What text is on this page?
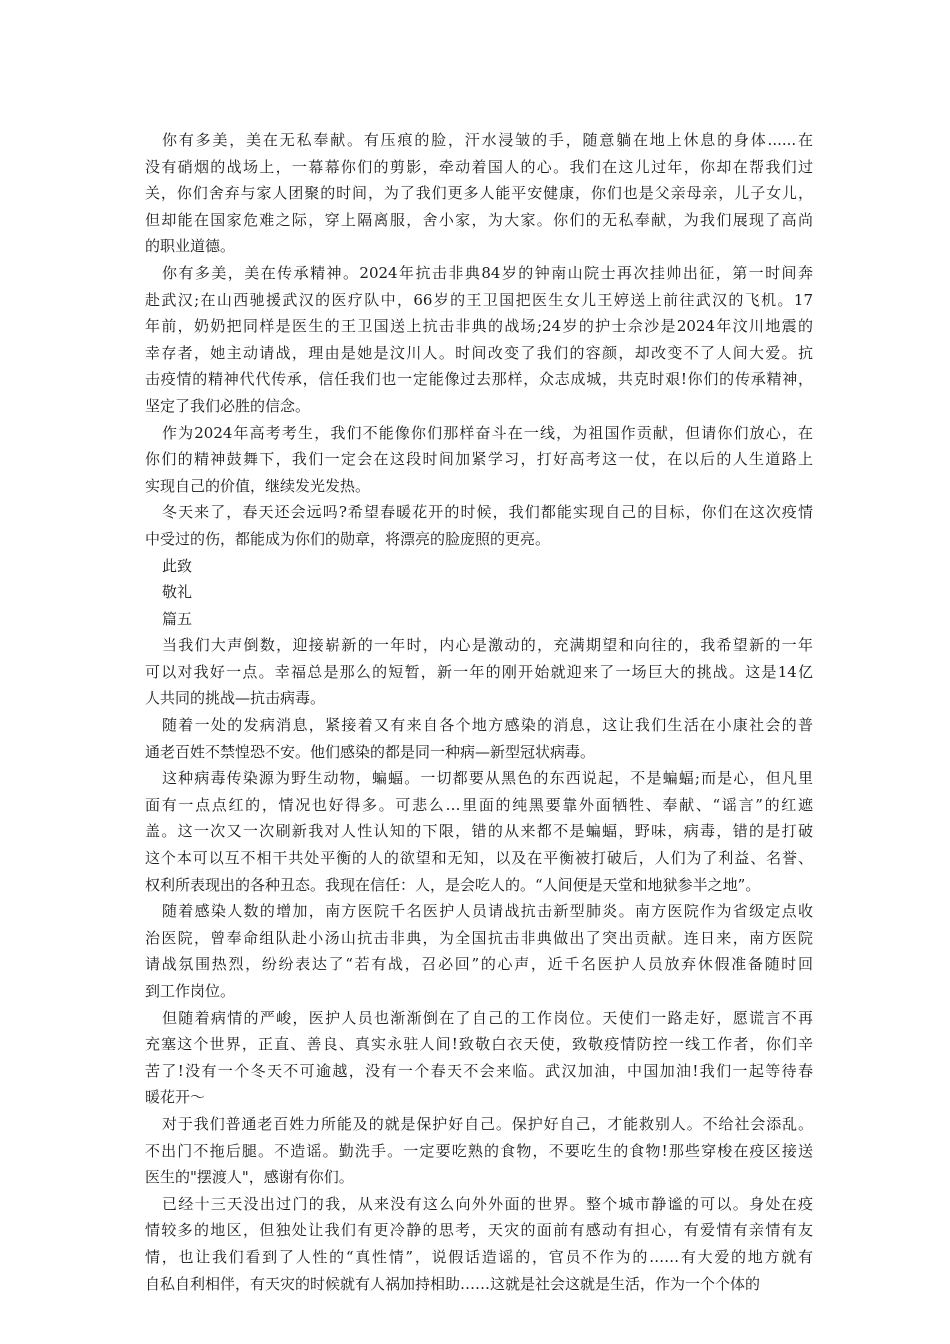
你有多美，美在无私奉献。有压痕的脸，汗水浸皱的手，随意躺在地上休息的身体......在
没有硝烟的战场上，一幕幕你们的剪影，牵动着国人的心。我们在这儿过年，你却在帮我们过
关，你们舍弃与家人团聚的时间，为了我们更多人能平安健康，你们也是父亲母亲，儿子女儿，
但却能在国家危难之际，穿上隔离服，舍小家，为大家。你们的无私奉献，为我们展现了高尚
的职业道德。
你有多美，美在传承精神。2024年抗击非典84岁的钟南山院士再次挂帅出征，第一时间奔
赴武汉;在山西驰援武汉的医疗队中，66岁的王卫国把医生女儿王婷送上前往武汉的飞机。17
年前，奶奶把同样是医生的王卫国送上抗击非典的战场;24岁的护士佘沙是2024年汶川地震的
幸存者，她主动请战，理由是她是汶川人。时间改变了我们的容颜，却改变不了人间大爱。抗
击疫情的精神代代传承，信任我们也一定能像过去那样，众志成城，共克时艰!你们的传承精神，
坚定了我们必胜的信念。
作为2024年高考考生，我们不能像你们那样奋斗在一线，为祖国作贡献，但请你们放心，在
你们的精神鼓舞下，我们一定会在这段时间加紧学习，打好高考这一仗，在以后的人生道路上
实现自己的价值，继续发光发热。
冬天来了，春天还会远吗?希望春暖花开的时候，我们都能实现自己的目标，你们在这次疫情
中受过的伤，都能成为你们的勋章，将漂亮的脸庞照的更亮。
此致
敬礼
篇五
当我们大声倒数，迎接崭新的一年时，内心是激动的，充满期望和向往的，我希望新的一年
可以对我好一点。幸福总是那么的短暂，新一年的刚开始就迎来了一场巨大的挑战。这是14亿
人共同的挑战—抗击病毒。
随着一处的发病消息，紧接着又有来自各个地方感染的消息，这让我们生活在小康社会的普
通老百姓不禁惶恐不安。他们感染的都是同一种病—新型冠状病毒。
这种病毒传染源为野生动物，蝙蝠。一切都要从黑色的东西说起，不是蝙蝠;而是心，但凡里
面有一点点红的，情况也好得多。可悲么…里面的纯黑要靠外面牺牲、奉献、“谣言”的红遮
盖。这一次又一次刷新我对人性认知的下限，错的从来都不是蝙蝠，野味，病毒，错的是打破
这个本可以互不相干共处平衡的人的欲望和无知，以及在平衡被打破后，人们为了利益、名誉、
权利所表现出的各种丑态。我现在信任：人，是会吃人的。“人间便是天堂和地狱参半之地”。
随着感染人数的增加，南方医院千名医护人员请战抗击新型肺炎。南方医院作为省级定点收
治医院，曾奉命组队赴小汤山抗击非典，为全国抗击非典做出了突出贡献。连日来，南方医院
请战氛围热烈，纷纷表达了“若有战，召必回”的心声，近千名医护人员放弃休假准备随时回
到工作岗位。
但随着病情的严峻，医护人员也渐渐倒在了自己的工作岗位。天使们一路走好，愿谎言不再
充塞这个世界，正直、善良、真实永驻人间!致敬白衣天使，致敬疫情防控一线工作者，你们辛
苦了!没有一个冬天不可逾越，没有一个春天不会来临。武汉加油，中国加油!我们一起等待春
暖花开～
对于我们普通老百姓力所能及的就是保护好自己。保护好自己，才能救别人。不给社会添乱。
不出门不拖后腿。不造谣。勤洗手。一定要吃熟的食物，不要吃生的食物!那些穿梭在疫区接送
医生的"摆渡人"，感谢有你们。
已经十三天没出过门的我，从来没有这么向外外面的世界。整个城市静谧的可以。身处在疫
情较多的地区，但独处让我们有更冷静的思考，天灾的面前有感动有担心，有爱情有亲情有友
情，也让我们看到了人性的“真性情”，说假话造谣的，官员不作为的……有大爱的地方就有
自私自利相伴，有天灾的时候就有人祸加持相助……这就是社会这就是生活，作为一个个体的
